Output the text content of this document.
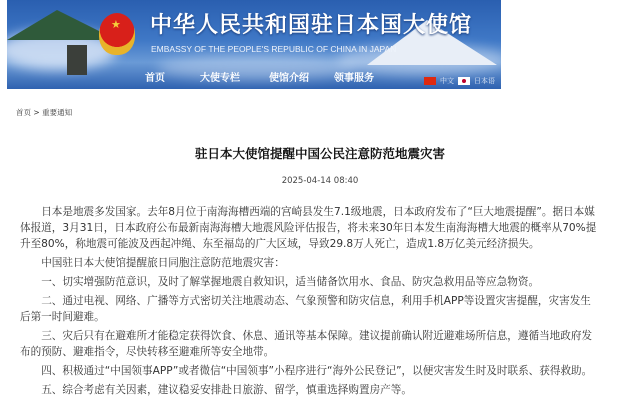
★ 中华人民共和国驻日本国大使馆
EMBASSY OF THE PEOPLE'S REPUBLIC OF CHINA IN JAPAN
首页	大使专栏	使馆介绍	领事服务	中文	日本语
首页 > 重要通知
驻日本大使馆提醒中国公民注意防范地震灾害
2025-04-14 08:40

日本是地震多发国家。去年8月位于南海海槽西端的宫崎县发生7.1级地震，日本政府发布了“巨大地震提醒”。据日本媒体报道，3月31日，日本政府公布最新南海海槽大地震风险评估报告，将未来30年日本发生南海海槽大地震的概率从70%提升至80%，称地震可能波及西起冲绳、东至福岛的广大区域，导致29.8万人死亡，造成1.8万亿美元经济损失。

中国驻日本大使馆提醒旅日同胞注意防范地震灾害：

一、切实增强防范意识，及时了解掌握地震自救知识，适当储备饮用水、食品、防灾急救用品等应急物资。

二、通过电视、网络、广播等方式密切关注地震动态、气象预警和防灾信息，利用手机APP等设置灾害提醒，灾害发生后第一时间避难。

三、灾后只有在避难所才能稳定获得饮食、休息、通讯等基本保障。建议提前确认附近避难场所信息，遵循当地政府发布的预防、避难指令，尽快转移至避难所等安全地带。

四、积极通过“中国领事APP”或者微信“中国领事”小程序进行“海外公民登记”，以便灾害发生时及时联系、获得救助。

五、综合考虑有关因素，建议稳妥安排赴日旅游、留学，慎重选择购置房产等。
